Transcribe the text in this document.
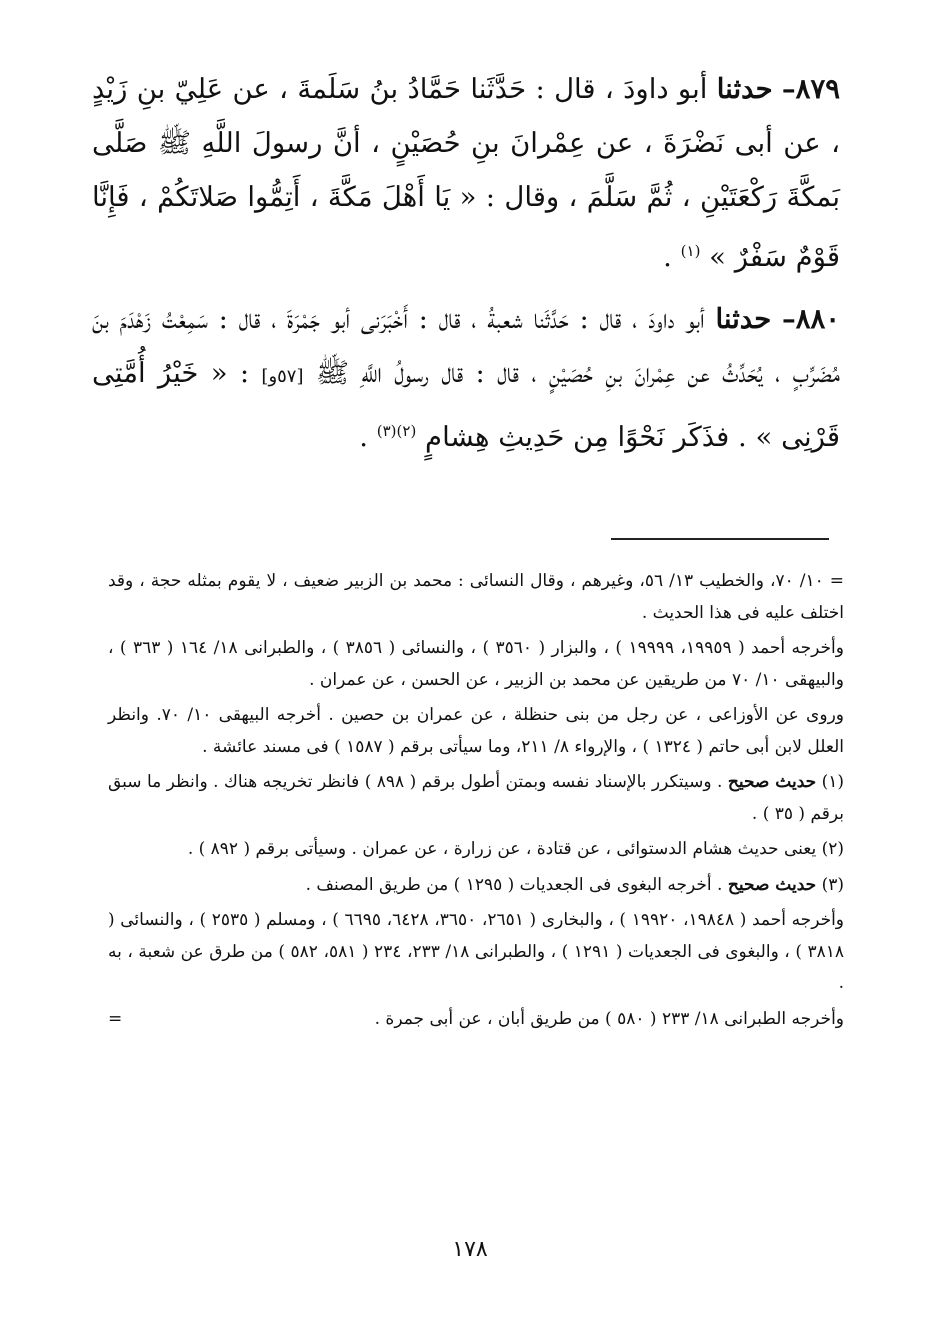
٨٧٩– حدثنا أبو داودَ ، قال : حَدَّثَنا حَمَّادُ بنُ سَلَمةَ ، عن عَلِيّ بنِ زَيْدٍ ، عن أبى نَضْرَةَ ، عن عِمْرانَ بنِ حُصَيْنٍ ، أنَّ رسولَ اللَّهِ ﷺ صَلَّى بَمكَّةَ رَكْعَتَيْنِ ، ثُمَّ سَلَّمَ ، وقال : « يَا أَهْلَ مَكَّةَ ، أَتِمُّوا صَلاتَكُمْ ، فَإِنَّا قَوْمٌ سَفْرٌ » $^{(١)}$ .
٨٨٠– حدثنا أبو داودَ ، قال : حَدَّثَنا شعبةُ ، قال : أَخْبَرَنى أبو جَمْرَةَ ، قال : سَمِعْتُ زَهْدَمَ بنَ مُضَرِّبٍ ، يُحَدِّثُ عن عِمْرانَ بنِ حُصَيْنٍ ، قال : قال رسولُ اللَّهِ ﷺ [٥٧و] : « خَيْرُ أُمَّتِى قَرْنِى » . فذَكَر نَحْوًا مِن حَدِيثِ هِشامٍ $^{(٢)(٣)}$ .

= ١٠/ ٧٠، والخطيب ١٣/ ٥٦، وغيرهم ، وقال النسائى : محمد بن الزبير ضعيف ، لا يقوم بمثله حجة ، وقد اختلف عليه فى هذا الحديث .

وأخرجه أحمد ( ١٩٩٥٩، ١٩٩٩٩ ) ، والبزار ( ٣٥٦٠ ) ، والنسائى ( ٣٨٥٦ ) ، والطبرانى ١٨/ ١٦٤ ( ٣٦٣ ) ، والبيهقى ١٠/ ٧٠ من طريقين عن محمد بن الزبير ، عن الحسن ، عن عمران .

وروى عن الأوزاعى ، عن رجل من بنى حنظلة ، عن عمران بن حصين . أخرجه البيهقى ١٠/ ٧٠. وانظر العلل لابن أبى حاتم ( ١٣٢٤ ) ، والإرواء ٨/ ٢١١، وما سيأتى برقم ( ١٥٨٧ ) فى مسند عائشة .

(١) حديث صحيح . وسيتكرر بالإسناد نفسه وبمتن أطول برقم ( ٨٩٨ ) فانظر تخريجه هناك . وانظر ما سبق برقم ( ٣٥ ) .

(٢) يعنى حديث هشام الدستوائى ، عن قتادة ، عن زرارة ، عن عمران . وسيأتى برقم ( ٨٩٢ ) .

(٣) حديث صحيح . أخرجه البغوى فى الجعديات ( ١٢٩٥ ) من طريق المصنف .

وأخرجه أحمد ( ١٩٨٤٨، ١٩٩٢٠ ) ، والبخارى ( ٢٦٥١، ٣٦٥٠، ٦٤٢٨، ٦٦٩٥ ) ، ومسلم ( ٢٥٣٥ ) ، والنسائى ( ٣٨١٨ ) ، والبغوى فى الجعديات ( ١٢٩١ ) ، والطبرانى ١٨/ ٢٣٣، ٢٣٤ ( ٥٨١، ٥٨٢ ) من طرق عن شعبة ، به .

وأخرجه الطبرانى ١٨/ ٢٣٣ ( ٥٨٠ ) من طريق أبان ، عن أبى جمرة .
=

١٧٨
